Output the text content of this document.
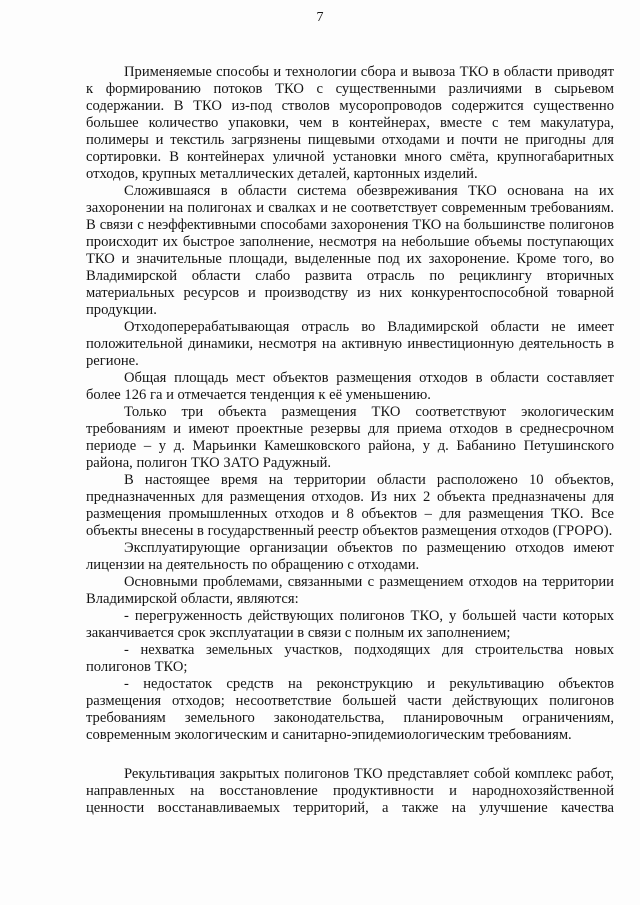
7

Применяемые способы и технологии сбора и вывоза ТКО в области приводят к формированию потоков ТКО с существенными различиями в сырьевом содержании. В ТКО из-под стволов мусоропроводов содержится существенно большее количество упаковки, чем в контейнерах, вместе с тем макулатура, полимеры и текстиль загрязнены пищевыми отходами и почти не пригодны для сортировки. В контейнерах уличной установки много смёта, крупногабаритных отходов, крупных металлических деталей, картонных изделий.

Сложившаяся в области система обезвреживания ТКО основана на их захоронении на полигонах и свалках и не соответствует современным требованиям. В связи с неэффективными способами захоронения ТКО на большинстве полигонов происходит их быстрое заполнение, несмотря на небольшие объемы поступающих ТКО и значительные площади, выделенные под их захоронение. Кроме того, во Владимирской области слабо развита отрасль по рециклингу вторичных материальных ресурсов и производству из них конкурентоспособной товарной продукции.

Отходоперерабатывающая отрасль во Владимирской области не имеет положительной динамики, несмотря на активную инвестиционную деятельность в регионе.

Общая площадь мест объектов размещения отходов в области составляет более 126 га и отмечается тенденция к её уменьшению.

Только три объекта размещения ТКО соответствуют экологическим требованиям и имеют проектные резервы для приема отходов в среднесрочном периоде – у д. Марьинки Камешковского района, у д. Бабанино Петушинского района, полигон ТКО ЗАТО Радужный.

В настоящее время на территории области расположено 10 объектов, предназначенных для размещения отходов. Из них 2 объекта предназначены для размещения промышленных отходов и 8 объектов – для размещения ТКО. Все объекты внесены в государственный реестр объектов размещения отходов (ГРОРО).

Эксплуатирующие организации объектов по размещению отходов имеют лицензии на деятельность по обращению с отходами.

Основными проблемами, связанными с размещением отходов на территории Владимирской области, являются:

- перегруженность действующих полигонов ТКО, у большей части которых заканчивается срок эксплуатации в связи с полным их заполнением;

- нехватка земельных участков, подходящих для строительства новых полигонов ТКО;

- недостаток средств на реконструкцию и рекультивацию объектов размещения отходов; несоответствие большей части действующих полигонов требованиям земельного законодательства, планировочным ограничениям, современным экологическим и санитарно-эпидемиологическим требованиям.

Рекультивация закрытых полигонов ТКО представляет собой комплекс работ, направленных на восстановление продуктивности и народнохозяйственной ценности восстанавливаемых территорий, а также на улучшение качества
